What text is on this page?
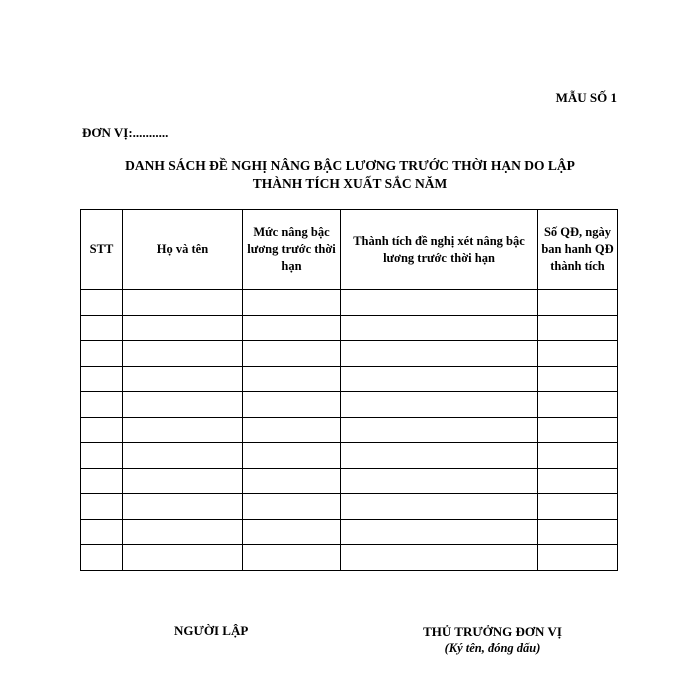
MẪU SỐ 1
ĐƠN VỊ:...........
DANH SÁCH ĐỀ NGHỊ NÂNG BẬC LƯƠNG TRƯỚC THỜI HẠN DO LẬP
THÀNH TÍCH XUẤT SẮC NĂM
STT	Họ và tên	Mức nâng bậc lương trước thời hạn	Thành tích đề nghị xét nâng bậc lương trước thời hạn	Số QĐ, ngày ban hanh QĐ thành tích

NGƯỜI LẬP	THỦ TRƯỞNG ĐƠN VỊ
(Ký tên, đóng dấu)
